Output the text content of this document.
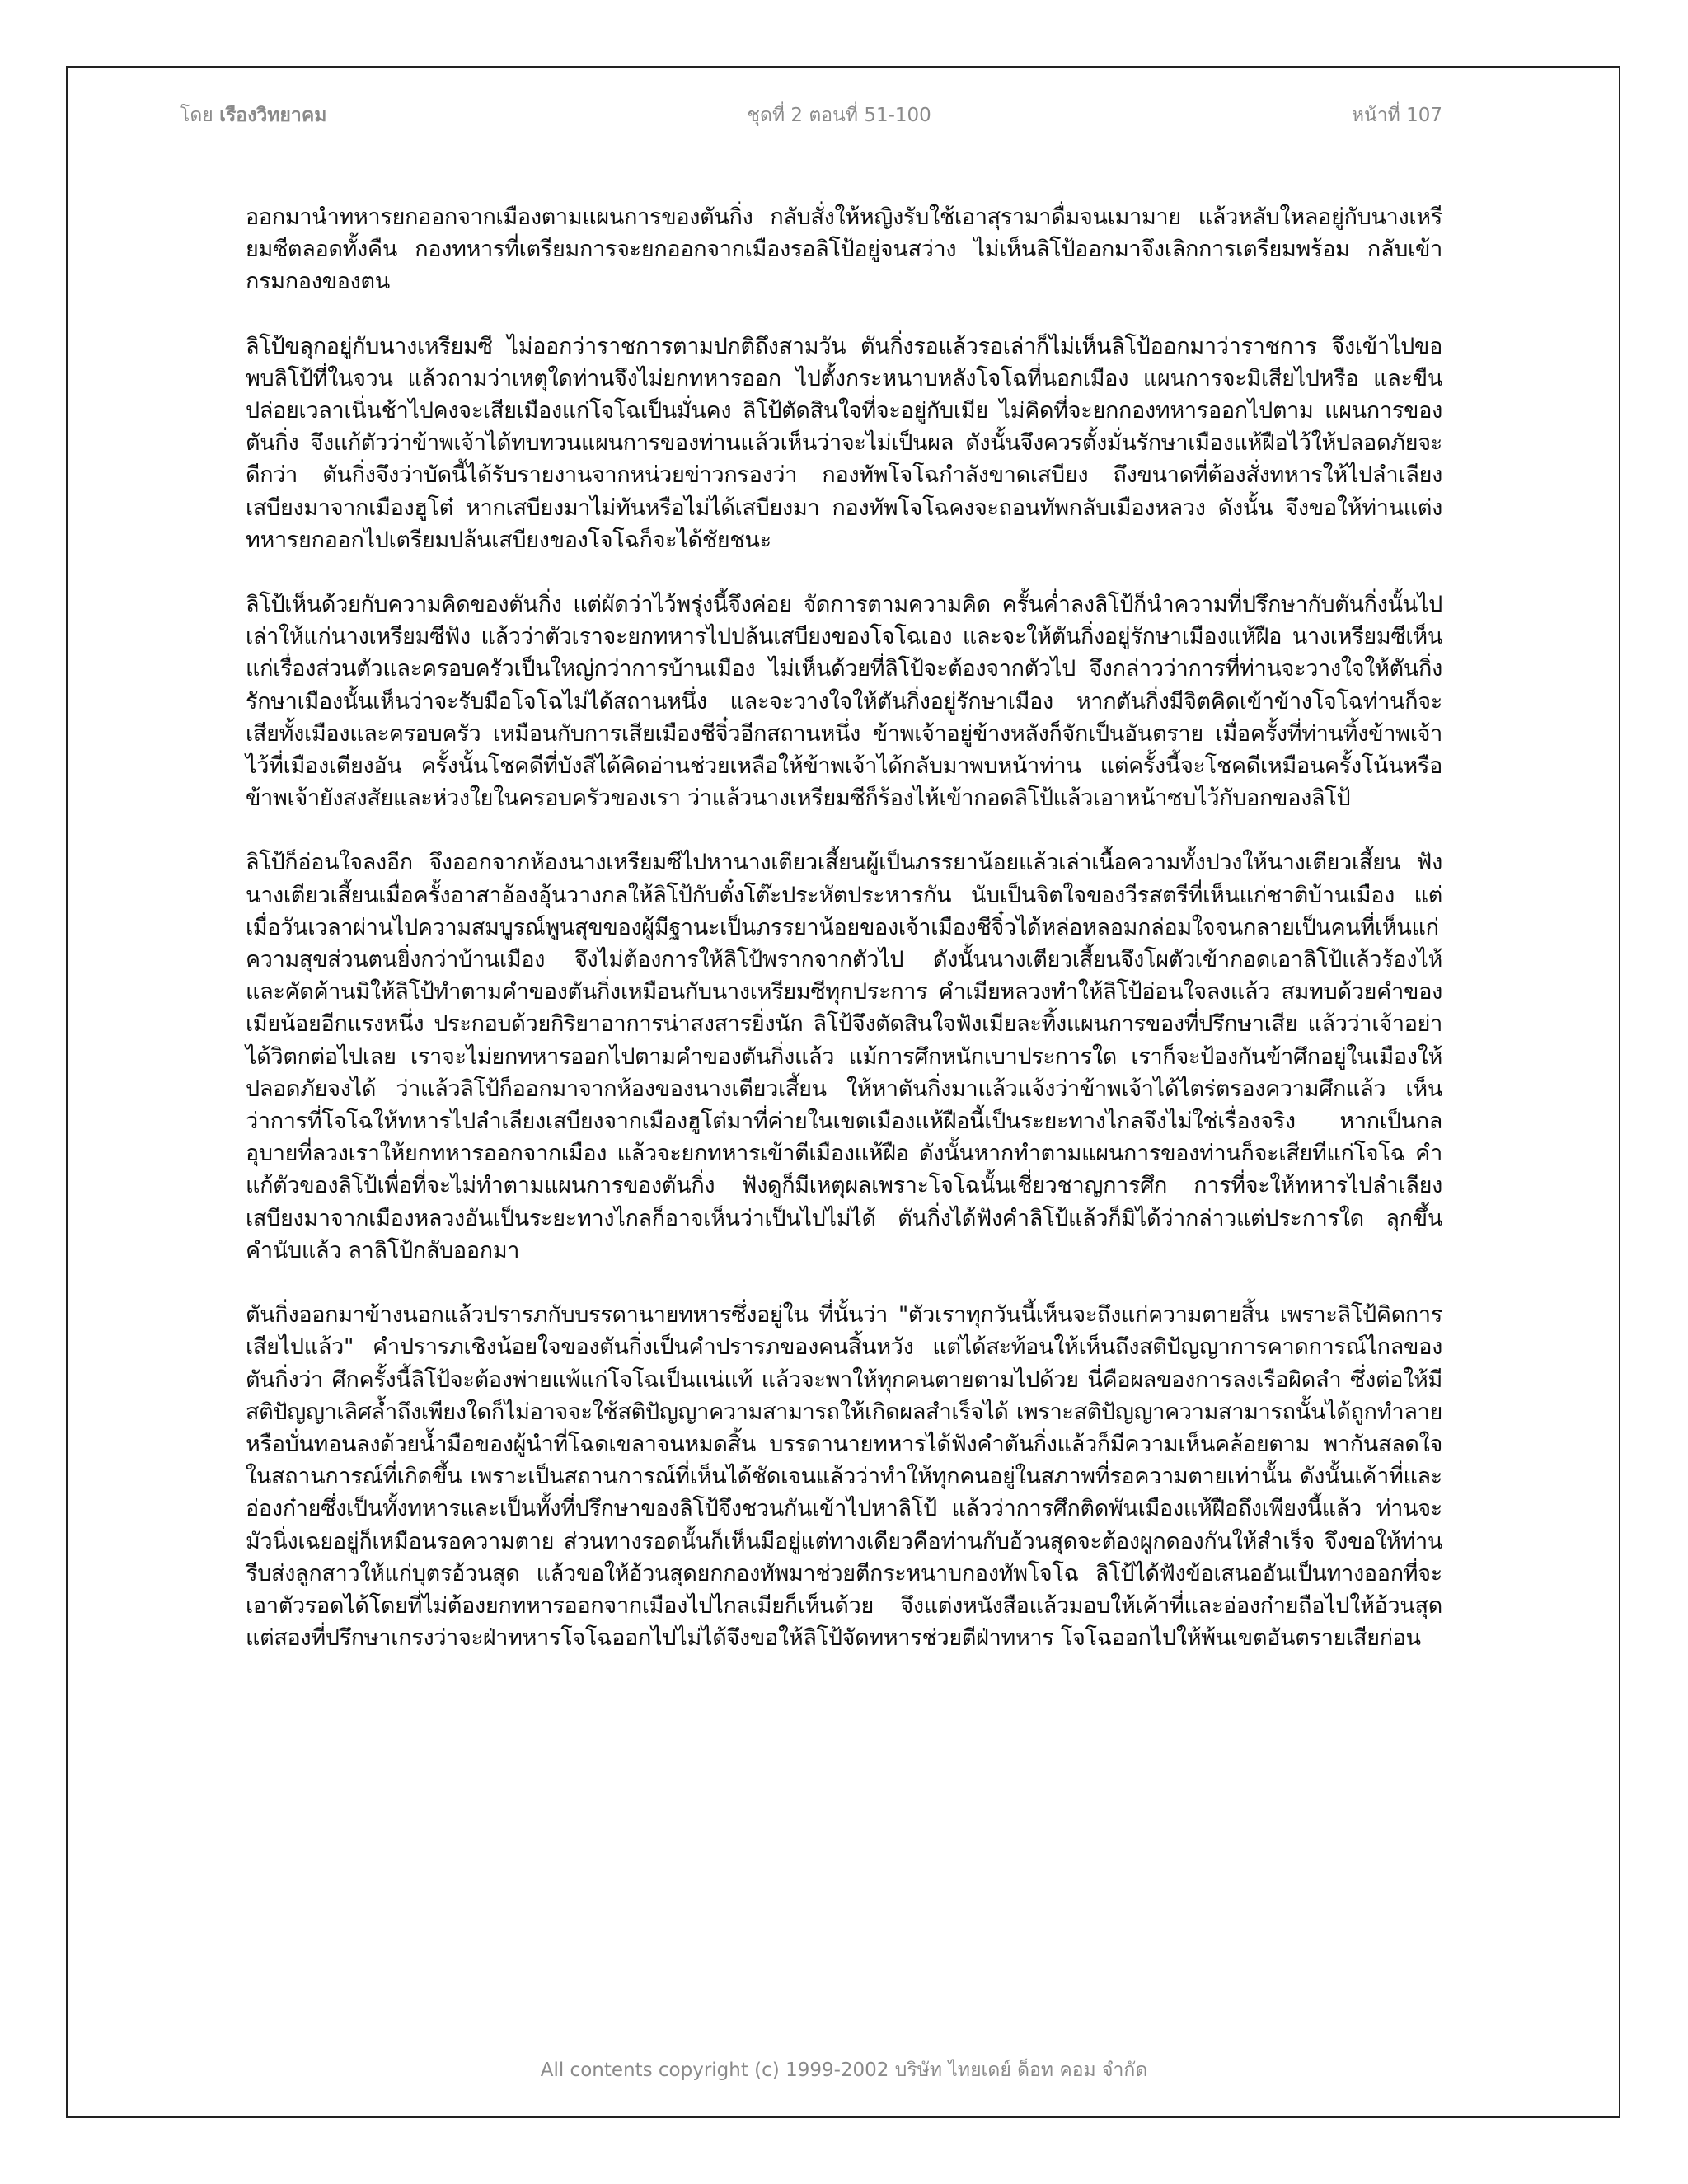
โดย เรืองวิทยาคม	ชุดที่ 2 ตอนที่ 51-100	หน้าที่ 107

ออกมานำทหารยกออกจากเมืองตามแผนการของตันกิ่ง กลับสั่งให้หญิงรับใช้เอาสุรามาดื่มจนเมามาย แล้วหลับใหลอยู่กับนางเหรียมซีตลอดทั้งคืน กองทหารที่เตรียมการจะยกออกจากเมืองรอลิโป้อยู่จนสว่าง ไม่เห็นลิโป้ออกมาจึงเลิกการเตรียมพร้อม กลับเข้ากรมกองของตน

ลิโป้ขลุกอยู่กับนางเหรียมซี ไม่ออกว่าราชการตามปกติถึงสามวัน ตันกิ่งรอแล้วรอเล่าก็ไม่เห็นลิโป้ออกมาว่าราชการ จึงเข้าไปขอพบลิโป้ที่ในจวน แล้วถามว่าเหตุใดท่านจึงไม่ยกทหารออก ไปตั้งกระหนาบหลังโจโฉที่นอกเมือง แผนการจะมิเสียไปหรือ และขืนปล่อยเวลาเนิ่นช้าไปคงจะเสียเมืองแก่โจโฉเป็นมั่นคง ลิโป้ตัดสินใจที่จะอยู่กับเมีย ไม่คิดที่จะยกกองทหารออกไปตาม แผนการของตันกิ่ง จึงแก้ตัวว่าข้าพเจ้าได้ทบทวนแผนการของท่านแล้วเห็นว่าจะไม่เป็นผล ดังนั้นจึงควรตั้งมั่นรักษาเมืองแห้ฝือไว้ให้ปลอดภัยจะดีกว่า ตันกิ่งจึงว่าบัดนี้ได้รับรายงานจากหน่วยข่าวกรองว่า กองทัพโจโฉกำลังขาดเสบียง ถึงขนาดที่ต้องสั่งทหารให้ไปลำเลียงเสบียงมาจากเมืองฮูโต๋ หากเสบียงมาไม่ทันหรือไม่ได้เสบียงมา กองทัพโจโฉคงจะถอนทัพกลับเมืองหลวง ดังนั้น จึงขอให้ท่านแต่งทหารยกออกไปเตรียมปล้นเสบียงของโจโฉก็จะได้ชัยชนะ

ลิโป้เห็นด้วยกับความคิดของตันกิ่ง แต่ผัดว่าไว้พรุ่งนี้จึงค่อย จัดการตามความคิด ครั้นค่ำลงลิโป้ก็นำความที่ปรึกษากับตันกิ่งนั้นไปเล่าให้แก่นางเหรียมซีฟัง แล้วว่าตัวเราจะยกทหารไปปล้นเสบียงของโจโฉเอง และจะให้ตันกิ่งอยู่รักษาเมืองแห้ฝือ นางเหรียมซีเห็นแก่เรื่องส่วนตัวและครอบครัวเป็นใหญ่กว่าการบ้านเมือง ไม่เห็นด้วยที่ลิโป้จะต้องจากตัวไป จึงกล่าวว่าการที่ท่านจะวางใจให้ตันกิ่งรักษาเมืองนั้นเห็นว่าจะรับมือโจโฉไม่ได้สถานหนึ่ง และจะวางใจให้ตันกิ่งอยู่รักษาเมือง หากตันกิ่งมีจิตคิดเข้าข้างโจโฉท่านก็จะเสียทั้งเมืองและครอบครัว เหมือนกับการเสียเมืองชีจิ๋วอีกสถานหนึ่ง ข้าพเจ้าอยู่ข้างหลังก็จักเป็นอันตราย เมื่อครั้งที่ท่านทิ้งข้าพเจ้าไว้ที่เมืองเตียงอัน ครั้งนั้นโชคดีที่บังสีได้คิดอ่านช่วยเหลือให้ข้าพเจ้าได้กลับมาพบหน้าท่าน แต่ครั้งนี้จะโชคดีเหมือนครั้งโน้นหรือข้าพเจ้ายังสงสัยและห่วงใยในครอบครัวของเรา ว่าแล้วนางเหรียมซีก็ร้องไห้เข้ากอดลิโป้แล้วเอาหน้าซบไว้กับอกของลิโป้

ลิโป้ก็อ่อนใจลงอีก จึงออกจากห้องนางเหรียมซีไปหานางเตียวเสี้ยนผู้เป็นภรรยาน้อยแล้วเล่าเนื้อความทั้งปวงให้นางเตียวเสี้ยน ฟังนางเตียวเสี้ยนเมื่อครั้งอาสาอ้องอุ้นวางกลให้ลิโป้กับตั๋งโต๊ะประหัตประหารกัน นับเป็นจิตใจของวีรสตรีที่เห็นแก่ชาติบ้านเมือง แต่เมื่อวันเวลาผ่านไปความสมบูรณ์พูนสุขของผู้มีฐานะเป็นภรรยาน้อยของเจ้าเมืองชีจิ๋วได้หล่อหลอมกล่อมใจจนกลายเป็นคนที่เห็นแก่ความสุขส่วนตนยิ่งกว่าบ้านเมือง จึงไม่ต้องการให้ลิโป้พรากจากตัวไป ดังนั้นนางเตียวเสี้ยนจึงโผตัวเข้ากอดเอาลิโป้แล้วร้องไห้ และคัดค้านมิให้ลิโป้ทำตามคำของตันกิ่งเหมือนกับนางเหรียมซีทุกประการ คำเมียหลวงทำให้ลิโป้อ่อนใจลงแล้ว สมทบด้วยคำของเมียน้อยอีกแรงหนึ่ง ประกอบด้วยกิริยาอาการน่าสงสารยิ่งนัก ลิโป้จึงตัดสินใจฟังเมียละทิ้งแผนการของที่ปรึกษาเสีย แล้วว่าเจ้าอย่าได้วิตกต่อไปเลย เราจะไม่ยกทหารออกไปตามคำของตันกิ่งแล้ว แม้การศึกหนักเบาประการใด เราก็จะป้องกันข้าศึกอยู่ในเมืองให้ปลอดภัยจงได้ ว่าแล้วลิโป้ก็ออกมาจากห้องของนางเตียวเสี้ยน ให้หาตันกิ่งมาแล้วแจ้งว่าข้าพเจ้าได้ไตร่ตรองความศึกแล้ว เห็นว่าการที่โจโฉให้ทหารไปลำเลียงเสบียงจากเมืองฮูโต๋มาที่ค่ายในเขตเมืองแห้ฝือนี้เป็นระยะทางไกลจึงไม่ใช่เรื่องจริง หากเป็นกลอุบายที่ลวงเราให้ยกทหารออกจากเมือง แล้วจะยกทหารเข้าตีเมืองแห้ฝือ ดังนั้นหากทำตามแผนการของท่านก็จะเสียทีแก่โจโฉ คำแก้ตัวของลิโป้เพื่อที่จะไม่ทำตามแผนการของตันกิ่ง ฟังดูก็มีเหตุผลเพราะโจโฉนั้นเชี่ยวชาญการศึก การที่จะให้ทหารไปลำเลียงเสบียงมาจากเมืองหลวงอันเป็นระยะทางไกลก็อาจเห็นว่าเป็นไปไม่ได้ ตันกิ่งได้ฟังคำลิโป้แล้วก็มิได้ว่ากล่าวแต่ประการใด ลุกขึ้นคำนับแล้ว ลาลิโป้กลับออกมา

ตันกิ่งออกมาข้างนอกแล้วปรารภกับบรรดานายทหารซึ่งอยู่ใน ที่นั้นว่า "ตัวเราทุกวันนี้เห็นจะถึงแก่ความตายสิ้น เพราะลิโป้คิดการเสียไปแล้ว" คำปรารภเชิงน้อยใจของตันกิ่งเป็นคำปรารภของคนสิ้นหวัง แต่ได้สะท้อนให้เห็นถึงสติปัญญาการคาดการณ์ไกลของตันกิ่งว่า ศึกครั้งนี้ลิโป้จะต้องพ่ายแพ้แก่โจโฉเป็นแน่แท้ แล้วจะพาให้ทุกคนตายตามไปด้วย นี่คือผลของการลงเรือผิดลำ ซึ่งต่อให้มีสติปัญญาเลิศล้ำถึงเพียงใดก็ไม่อาจจะใช้สติปัญญาความสามารถให้เกิดผลสำเร็จได้ เพราะสติปัญญาความสามารถนั้นได้ถูกทำลายหรือบั่นทอนลงด้วยน้ำมือของผู้นำที่โฉดเขลาจนหมดสิ้น บรรดานายทหารได้ฟังคำตันกิ่งแล้วก็มีความเห็นคล้อยตาม พากันสลดใจในสถานการณ์ที่เกิดขึ้น เพราะเป็นสถานการณ์ที่เห็นได้ชัดเจนแล้วว่าทำให้ทุกคนอยู่ในสภาพที่รอความตายเท่านั้น ดังนั้นเค้าที่และอ่องก๋ายซึ่งเป็นทั้งทหารและเป็นทั้งที่ปรึกษาของลิโป้จึงชวนกันเข้าไปหาลิโป้ แล้วว่าการศึกติดพันเมืองแห้ฝือถึงเพียงนี้แล้ว ท่านจะมัวนิ่งเฉยอยู่ก็เหมือนรอความตาย ส่วนทางรอดนั้นก็เห็นมีอยู่แต่ทางเดียวคือท่านกับอ้วนสุดจะต้องผูกดองกันให้สำเร็จ จึงขอให้ท่านรีบส่งลูกสาวให้แก่บุตรอ้วนสุด แล้วขอให้อ้วนสุดยกกองทัพมาช่วยตีกระหนาบกองทัพโจโฉ ลิโป้ได้ฟังข้อเสนออันเป็นทางออกที่จะเอาตัวรอดได้โดยที่ไม่ต้องยกทหารออกจากเมืองไปไกลเมียก็เห็นด้วย จึงแต่งหนังสือแล้วมอบให้เค้าที่และอ่องก๋ายถือไปให้อ้วนสุด แต่สองที่ปรึกษาเกรงว่าจะฝ่าทหารโจโฉออกไปไม่ได้จึงขอให้ลิโป้จัดทหารช่วยตีฝ่าทหาร โจโฉออกไปให้พ้นเขตอันตรายเสียก่อน

All contents copyright (c) 1999-2002 บริษัท ไทยเดย์ ด็อท คอม จำกัด
